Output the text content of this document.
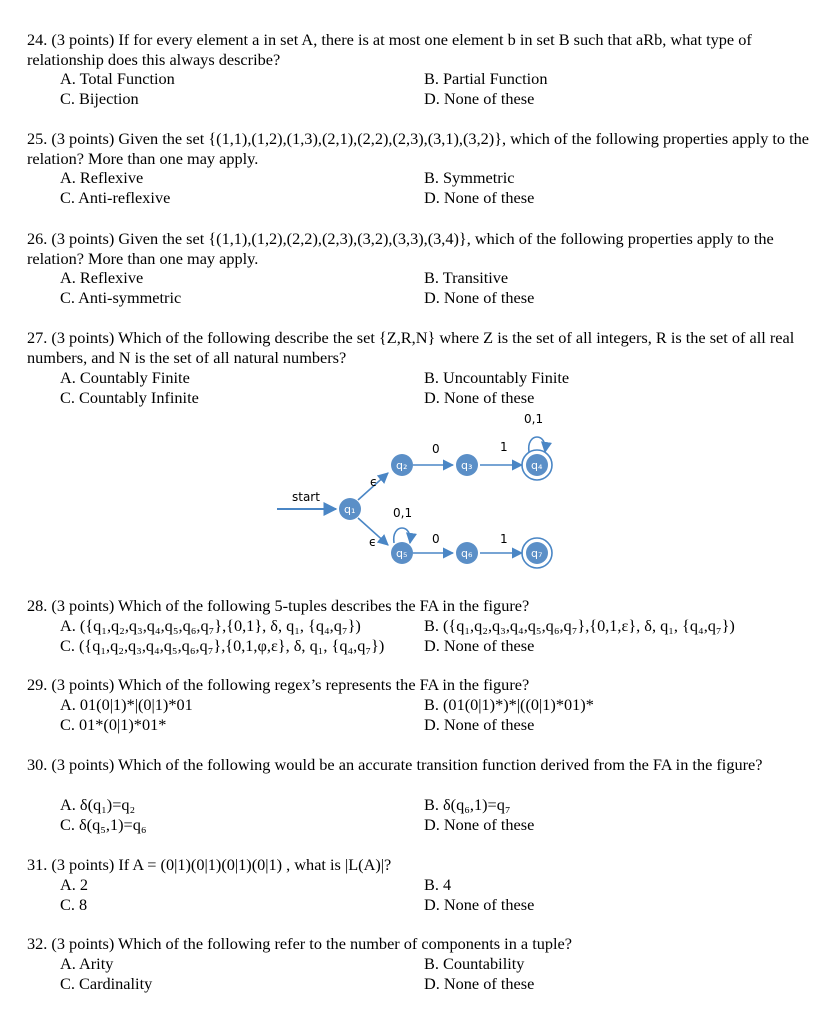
24. (3 points) If for every element a in set A, there is at most one element b in set B such that aRb, what type of relationship does this always describe?

A. Total Function	B. Partial Function
C. Bijection	D. None of these

25. (3 points) Given the set {(1,1),(1,2),(1,3),(2,1),(2,2),(2,3),(3,1),(3,2)}, which of the following properties apply to the relation? More than one may apply.

A. Reflexive	B. Symmetric
C. Anti-reflexive	D. None of these

26. (3 points) Given the set {(1,1),(1,2),(2,2),(2,3),(3,2),(3,3),(3,4)}, which of the following properties apply to the relation? More than one may apply.

A. Reflexive	B. Transitive
C. Anti-symmetric	D. None of these

27. (3 points) Which of the following describe the set {Z,R,N} where Z is the set of all integers, R is the set of all real numbers, and N is the set of all natural numbers?

A. Countably Finite	B. Uncountably Finite
C. Countably Infinite	D. None of these
start
ϵ
ϵ
0	1
0,1
0,1
0	1
q₁
q₂	q₃	q₄
q₅	q₆	q₇

28. (3 points) Which of the following 5-tuples describes the FA in the figure?

A. ({q₁,q₂,q₃,q₄,q₅,q₆,q₇},{0,1}, δ, q₁, {q₄,q₇})	B. ({q₁,q₂,q₃,q₄,q₅,q₆,q₇},{0,1,ε}, δ, q₁, {q₄,q₇})
C. ({q₁,q₂,q₃,q₄,q₅,q₆,q₇},{0,1,φ,ε}, δ, q₁, {q₄,q₇}) D. None of these

29. (3 points) Which of the following regex’s represents the FA in the figure?

A. 01(0|1)*|(0|1)*01	B. (01(0|1)*)*|((0|1)*01)*
C. 01*(0|1)*01*	D. None of these

30. (3 points) Which of the following would be an accurate transition function derived from the FA in the figure?

A. δ(q₁)=q₂	B. δ(q₆,1)=q₇
C. δ(q₅,1)=q₆	D. None of these

31. (3 points) If A = (0|1)(0|1)(0|1)(0|1) , what is |L(A)|?

A. 2	B. 4
C. 8	D. None of these

32. (3 points) Which of the following refer to the number of components in a tuple?

A. Arity	B. Countability
C. Cardinality	D. None of these
